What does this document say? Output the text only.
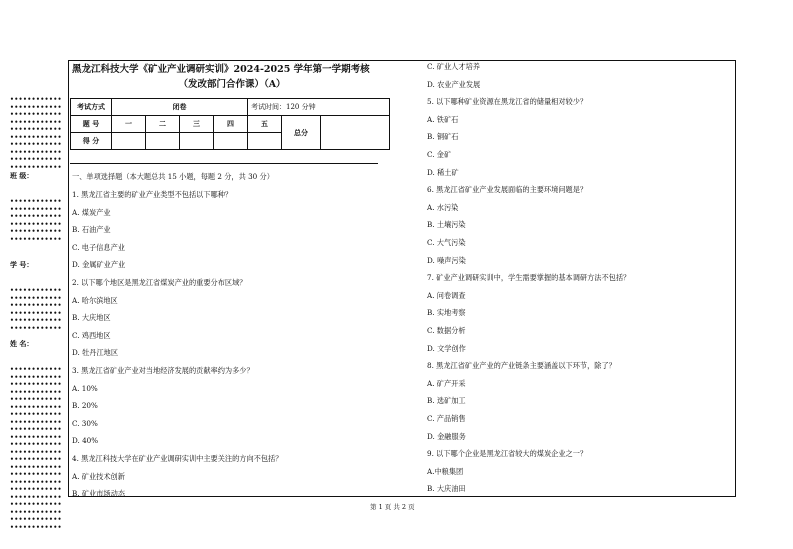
黑龙江科技大学《矿业产业调研实训》2024-2025 学年第一学期考核
（发改部门合作课）（A）
考试方式	闭卷				考试时间：120 分钟		
题 号	一	二	三	四	五	总分	
得 分							
一、单项选择题（本大题总共 15 小题，每题 2 分，共 30 分）
••••••••••••
••••••••••••
••••••••••••
••••••••••••
••••••••••••
••••••••••••
••••••••••••
••••••••••••
••••••••••••
••••••••••••
••••••••••••
••••••••••••
••••••••••••
••••••••••••
••••••••••••
••••••••••••
••••••••••••
••••••••••••
••••••••••••
••••••••••••
••••••••••••
••••••••••••
••••••••••••
••••••••••••
••••••••••••
••••••••••••
••••••••••••
••••••••••••
••••••••••••
••••••••••••
••••••••••••
••••••••••••
••••••••••••
••••••••••••
••••••••••••
••••••••••••
••••••••••••
••••••••••••
••••••••••••
••••••••••••
••••••••••••
••••••••••••
••••••••••••
••••••••••••
班 级：
学 号：
姓 名：
1. 黑龙江省主要的矿业产业类型不包括以下哪种？
A. 煤炭产业
B. 石油产业
C. 电子信息产业
D. 金属矿业产业
2. 以下哪个地区是黑龙江省煤炭产业的重要分布区域？
A. 哈尔滨地区
B. 大庆地区
C. 鸡西地区
D. 牡丹江地区
3. 黑龙江省矿业产业对当地经济发展的贡献率约为多少？
A. 10%
B. 20%
C. 30%
D. 40%
4. 黑龙江科技大学在矿业产业调研实训中主要关注的方向不包括？
A. 矿业技术创新
B. 矿业市场动态
C. 矿业人才培养
D. 农业产业发展
5. 以下哪种矿业资源在黑龙江省的储量相对较少？
A. 铁矿石
B. 铜矿石
C. 金矿
D. 稀土矿
6. 黑龙江省矿业产业发展面临的主要环境问题是？
A. 水污染
B. 土壤污染
C. 大气污染
D. 噪声污染
7. 矿业产业调研实训中，学生需要掌握的基本调研方法不包括？
A. 问卷调查
B. 实地考察
C. 数据分析
D. 文学创作
8. 黑龙江省矿业产业的产业链条主要涵盖以下环节，除了？
A. 矿产开采
B. 选矿加工
C. 产品销售
D. 金融服务
9. 以下哪个企业是黑龙江省较大的煤炭企业之一？
A.中粮集团
B. 大庆油田
第 1 页 共 2 页
